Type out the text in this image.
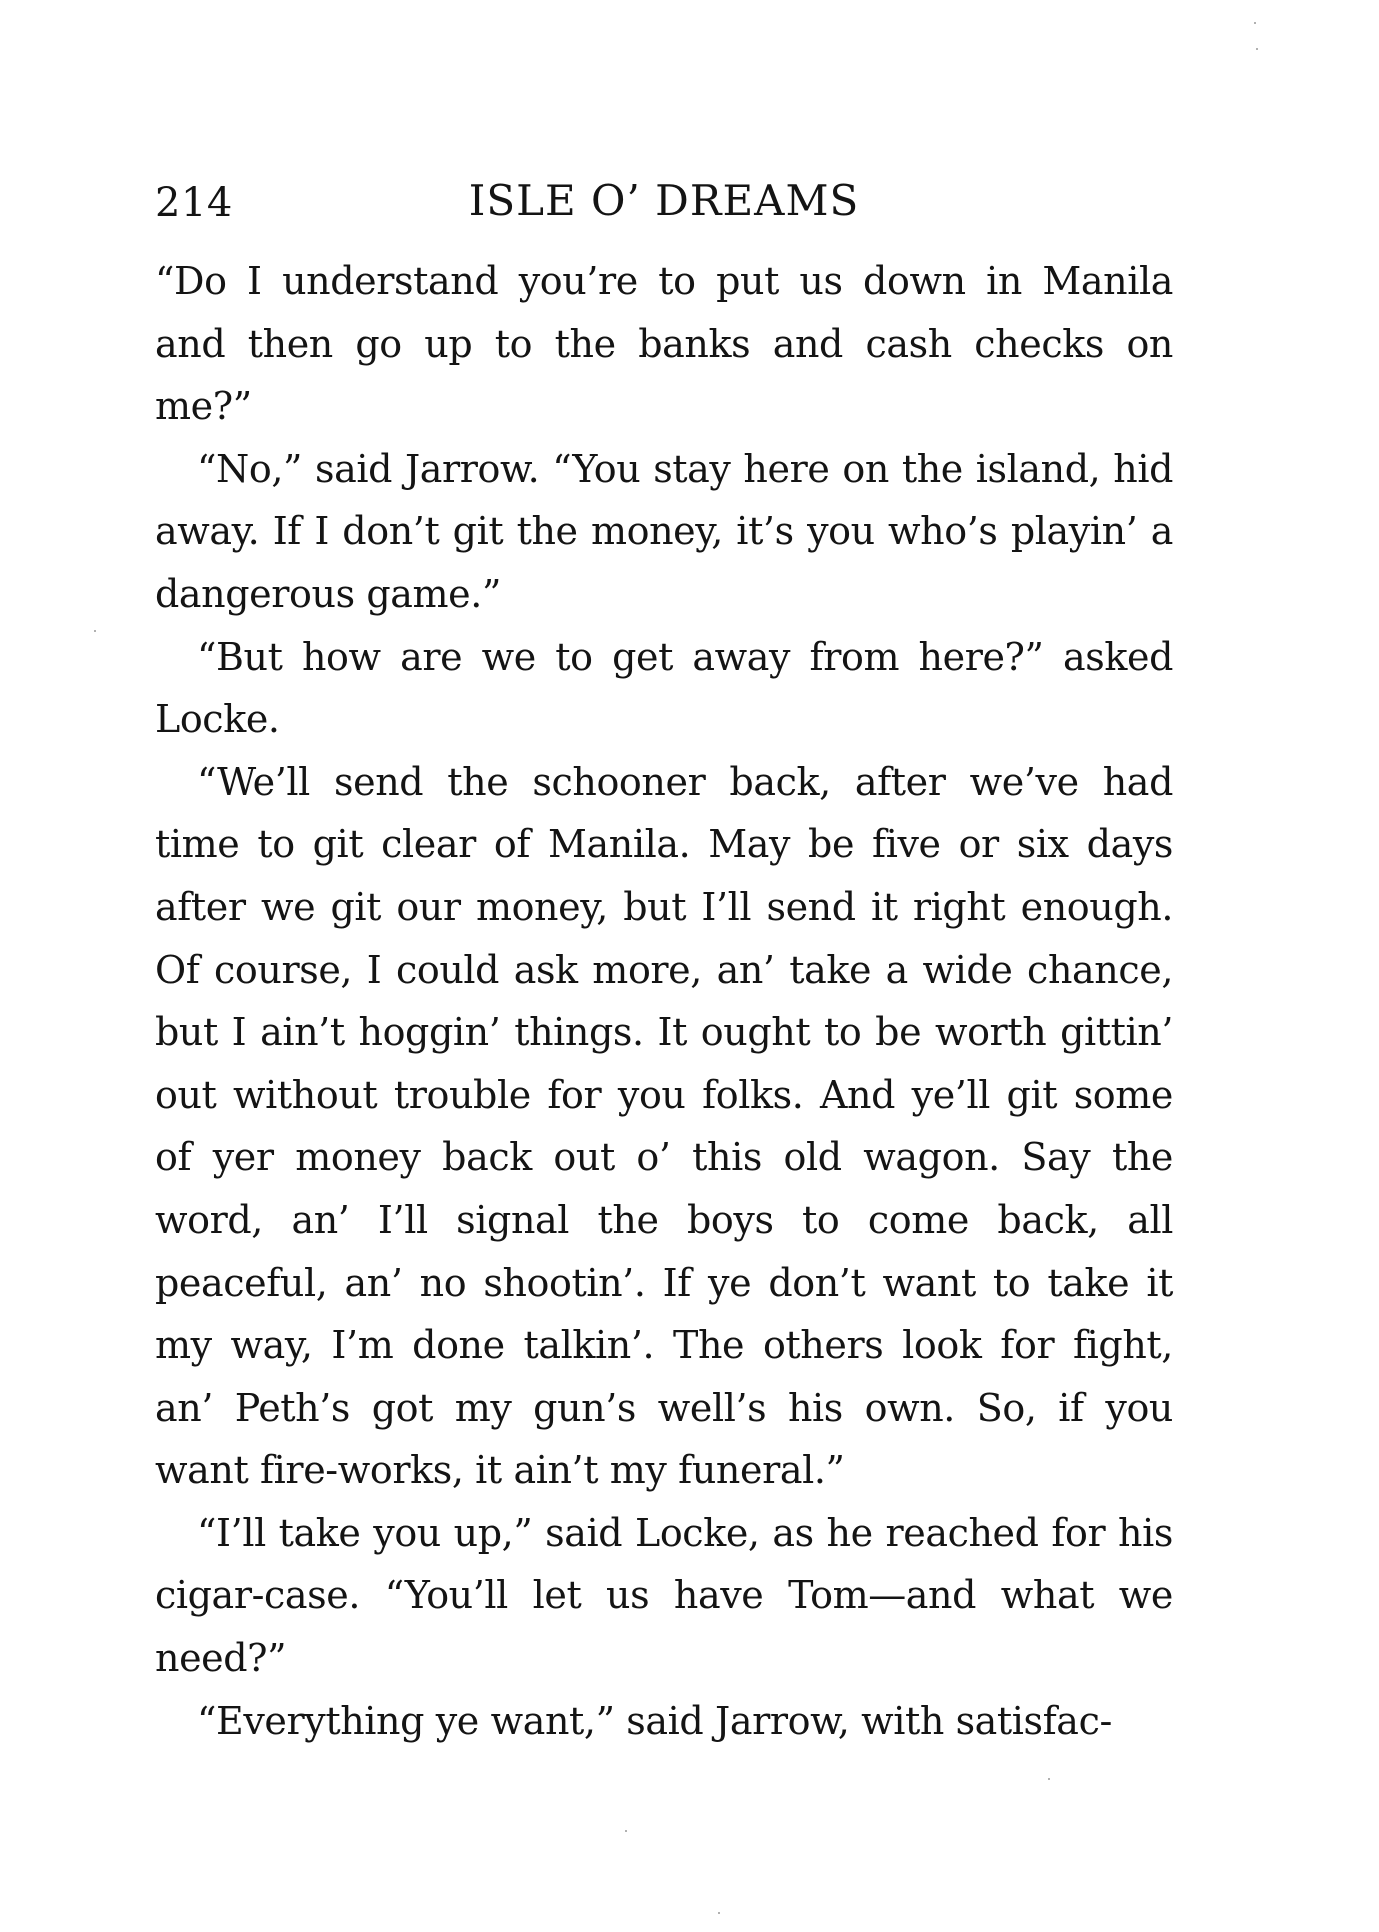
214	ISLE O’ DREAMS

“Do I understand you’re to put us down in Manila and then go up to the banks and cash checks on me?”

“No,” said Jarrow. “You stay here on the island, hid away. If I don’t git the money, it’s you who’s playin’ a dangerous game.”

“But how are we to get away from here?” asked Locke.

“We’ll send the schooner back, after we’ve had time to git clear of Manila. May be five or six days after we git our money, but I’ll send it right enough. Of course, I could ask more, an’ take a wide chance, but I ain’t hoggin’ things. It ought to be worth gittin’ out without trouble for you folks. And ye’ll git some of yer money back out o’ this old wagon. Say the word, an’ I’ll signal the boys to come back, all peaceful, an’ no shootin’. If ye don’t want to take it my way, I’m done talkin’. The others look for fight, an’ Peth’s got my gun’s well’s his own. So, if you want fire-works, it ain’t my funeral.”

“I’ll take you up,” said Locke, as he reached for his cigar-case. “You’ll let us have Tom—and what we need?”

“Everything ye want,” said Jarrow, with satisfac-
